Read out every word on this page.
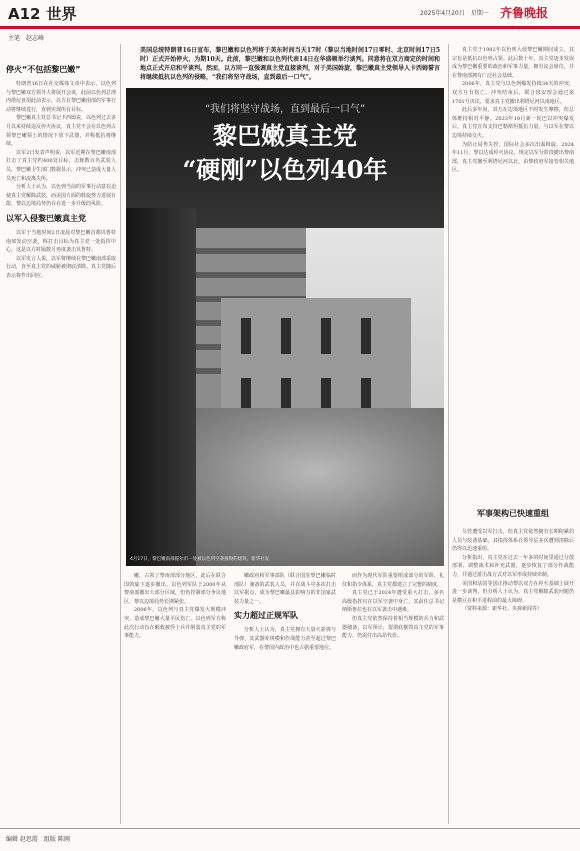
A12 世界	2025年4月20日　星期一 齐鲁晚报
主笔　赵志峰
停火“不包括黎巴嫩”

特朗普16日在社交媒体文章中表示，以色列与黎巴嫩双方领导人将展开会谈，此前以色列总理内塔尼亚胡此前表示，以方在黎巴嫩南部的军事行动将继续进行，直到实现所有目标。

黎巴嫩真主党总书记卡西姆说，以色列过去多月以来持续违反停火协议，真主党不会在以色列占领黎巴嫩领土的情况下放下武器，并称抵抗将继续。

以军2日发表声明说，以军近期在黎巴嫩南部打击了真主党约400处目标，击毙数百名武装人员，黎巴嫩卫生部门数据显示，冲突已造成大量人员死亡和流离失所。

分析人士认为，以色列当前的军事行动意在迫使真主党解除武装，而美国方面的斡旋努力进展有限，黎以边境局势仍存在进一步升级的风险。

以军入侵黎巴嫩真主党

以军于当地时间2日凌晨对黎巴嫩首都贝鲁特南郊发动空袭，称打击目标为真主党一处指挥中心。这是以方时隔数月再度袭击贝鲁特。

以军发言人说，以军将继续在黎巴嫩南部采取行动，直至真主党的威胁被彻底清除。真主党随后表示将作出回应。

美国总统特朗普16日宣布，黎巴嫩和以色列将于美东时间当天17时（黎以当地时间17日零时、北京时间17日5时）正式开始停火，为期10天。此前，黎巴嫩和以色列代表14日在华盛顿举行谈判。同意将在双方商定的时间和地点正式开启和平谈判。然而，以方同一直强调真主党直接谈判，对于美国斡旋，黎巴嫩真主党领导人卡西姆誓言将继续抵抗以色列的侵略，“我们将坚守战场，直到最后一口气”。
“我们将坚守战场，直到最后一口气”
黎巴嫩真主党
“硬刚”以色列40年
4月17日，黎巴嫩南部提尔市一处被以色列空袭摧毁的建筑。新华社发

真主党于1982年以色列入侵黎巴嫩期间成立，其宗旨是抵抗以色列占领。此后数十年，真主党逐步发展成为黎巴嫩重要的政治和军事力量，拥有议会席位，并在黎南部拥有广泛社会基础。

2006年，真主党与以色列爆发持续34天的冲突，双方互有伤亡。冲突结束后，联合国安理会通过第1701号决议，要求真主党撤出利塔尼河以南地区。

此后多年间，双方在边境地区不时发生摩擦，但总体维持相对平静。2023年10月新一轮巴以冲突爆发后，真主党宣布支持巴勒斯坦抵抗力量，与以军在黎以边境持续交火。

为防止局势失控，国际社会多次出面斡旋。2024年11月，黎以达成停火协议，规定以军分阶段撤出黎南部，真主党撤至利塔尼河以北，由黎政府军接管相关地区。

军事架构已快速重组

尽管遭受以军打击，但真主党依然拥有长期积累的人员与装备基础，其指挥体系在领导层多次遭到清除后仍得以迅速重组。

分析指出，真主党在过去一年多的时间里通过分散部署、调整战术和补充武器，逐步恢复了部分作战能力，并通过游击战方式对以军形成持续牵制。

美国和法国等国正推动黎以双方在停火基础上展开进一步谈判，但分析人士认为，真主党解除武装问题仍是横亘在和平进程前的最大障碍。

（资料来源：新华社、央视新闻等）

嫩，占领了黎南部部分地区，此后在联合国斡旋下逐步撤出。以色列军队于2000年从黎南部撤出大部分区域，但仍控制部分争议地区，黎以边境局势长期紧张。

2006年，以色列与真主党爆发大规模冲突，造成黎巴嫩大量平民伤亡。以色列军方称此次行动旨在解救被俘士兵并削弱真主党的军事能力。

嫩政府和军事部队（联合国驻黎巴嫩临时部队）兼备的武装人员，并在战斗中多次打击以军据点，成为黎巴嫩最具影响力的非国家武装力量之一。

实力超过正规军队

分析人士认为，真主党拥有大量火箭弹与导弹，其武器库规模和作战能力甚至超过黎巴嫩政府军，在黎国内政治中也占据重要地位。

而作为现代军队重要组成部分的军阶、礼仪和指令体系，真主党都建立了完整的制度。

真主党已于2024年遭受重大打击，多名高级指挥官在以军空袭中身亡，其前任总书记纳斯鲁拉也在以军袭击中遇难。

但真主党依然保持着相当规模的兵力和武器储备，以军预计，要彻底摧毁真主党的军事能力，仍需付出高昂代价。

编辑 赵思霞　组版 陈刚
